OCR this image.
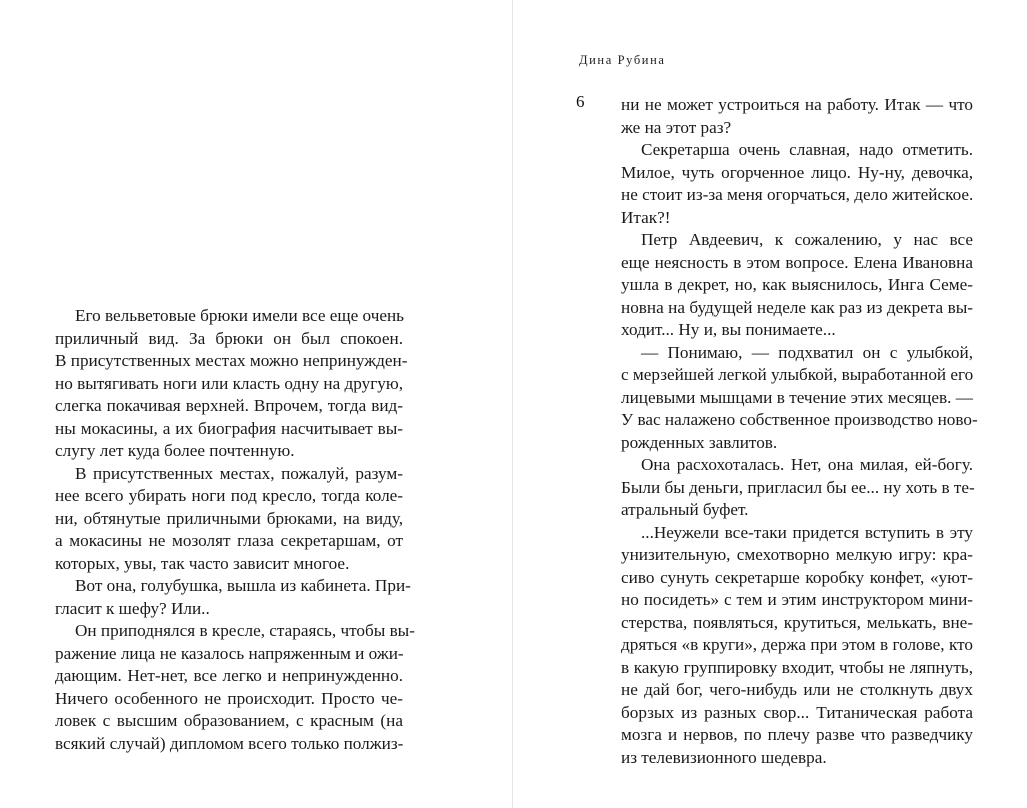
Его вельветовые брюки имели все еще очень
приличный вид. За брюки он был спокоен.
В присутственных местах можно непринужден-
но вытягивать ноги или класть одну на другую,
слегка покачивая верхней. Впрочем, тогда вид-
ны мокасины, а их биография насчитывает вы-
слугу лет куда более почтенную.
В присутственных местах, пожалуй, разум-
нее всего убирать ноги под кресло, тогда коле-
ни, обтянутые приличными брюками, на виду,
а мокасины не мозолят глаза секретаршам, от
которых, увы, так часто зависит многое.
Вот она, голубушка, вышла из кабинета. При-
гласит к шефу? Или..
Он приподнялся в кресле, стараясь, чтобы вы-
ражение лица не казалось напряженным и ожи-
дающим. Нет-нет, все легко и непринужденно.
Ничего особенного не происходит. Просто че-
ловек с высшим образованием, с красным (на
всякий случай) дипломом всего только полжиз-
Дина Рубина
6 ни не может устроиться на работу. Итак — что
же на этот раз?
Секретарша очень славная, надо отметить.
Милое, чуть огорченное лицо. Ну-ну, девочка,
не стоит из-за меня огорчаться, дело житейское.
Итак?!
Петр Авдеевич, к сожалению, у нас все
еще неясность в этом вопросе. Елена Ивановна
ушла в декрет, но, как выяснилось, Инга Семе-
новна на будущей неделе как раз из декрета вы-
ходит... Ну и, вы понимаете...
— Понимаю, — подхватил он с улыбкой,
с мерзейшей легкой улыбкой, выработанной его
лицевыми мышцами в течение этих месяцев. —
У вас налажено собственное производство ново-
рожденных завлитов.
Она расхохоталась. Нет, она милая, ей-богу.
Были бы деньги, пригласил бы ее... ну хоть в те-
атральный буфет.
...Неужели все-таки придется вступить в эту
унизительную, смехотворно мелкую игру: кра-
сиво сунуть секретарше коробку конфет, «уют-
но посидеть» с тем и этим инструктором мини-
стерства, появляться, крутиться, мелькать, вне-
дряться «в круги», держа при этом в голове, кто
в какую группировку входит, чтобы не ляпнуть,
не дай бог, чего-нибудь или не столкнуть двух
борзых из разных свор... Титаническая работа
мозга и нервов, по плечу разве что разведчику
из телевизионного шедевра.
